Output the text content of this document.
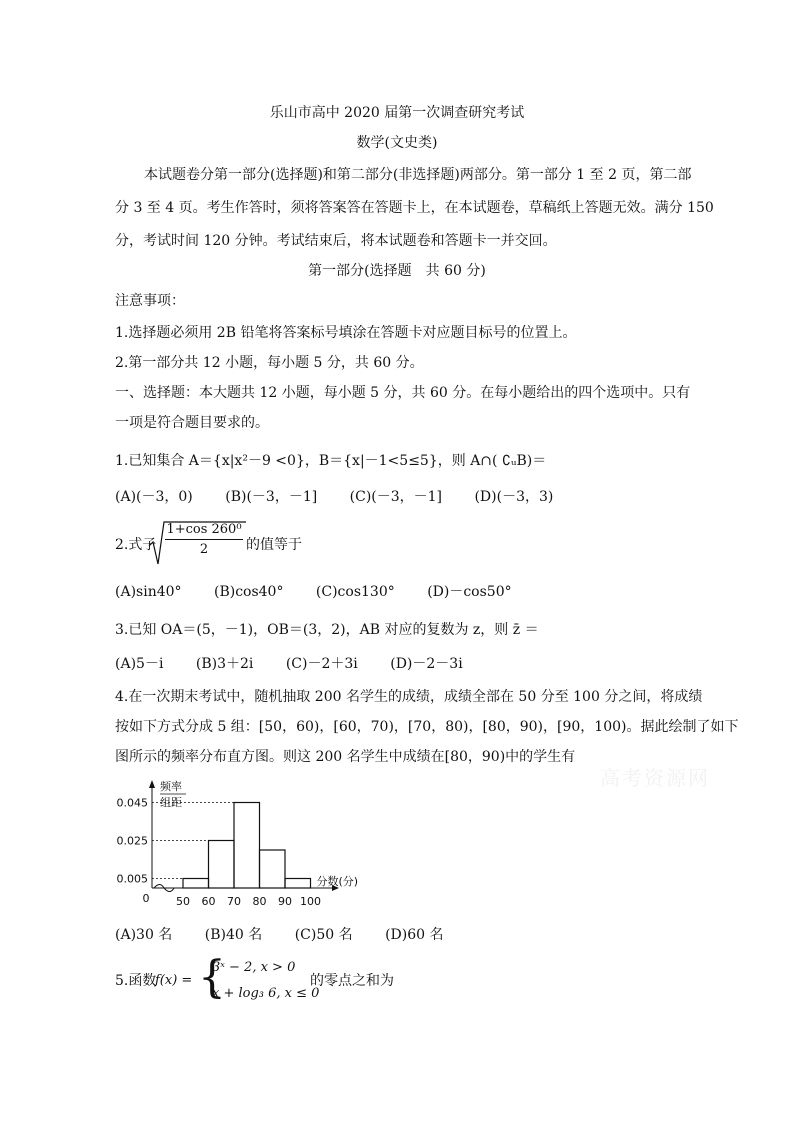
乐山市高中 2020 届第一次调查研究考试
数学(文史类)
本试题卷分第一部分(选择题)和第二部分(非选择题)两部分。第一部分 1 至 2 页，第二部
分 3 至 4 页。考生作答时，须将答案答在答题卡上，在本试题卷，草稿纸上答题无效。满分 150
分，考试时间 120 分钟。考试结束后，将本试题卷和答题卡一并交回。
第一部分(选择题　共 60 分)
注意事项：
1.选择题必须用 2B 铅笔将答案标号填涂在答题卡对应题目标号的位置上。
2.第一部分共 12 小题，每小题 5 分，共 60 分。
一、选择题：本大题共 12 小题，每小题 5 分，共 60 分。在每小题给出的四个选项中。只有
一项是符合题目要求的。
1.已知集合 A＝{x|x²－9 <0}，B＝{x|－1<5≤5}，则 A∩( ∁ᵤB)＝
(A)(－3，0) (B)(－3，－1] (C)(－3，－1] (D)(－3，3)
2.式子 $\frac{\text{1+cos 260⁰}}{2}$ 的值等于
(A)sin40° (B)cos40° (C)cos130° (D)－cos50°
3.已知 OA＝(5，－1)，OB＝(3，2)，AB 对应的复数为 z，则 z̄ ＝
(A)5－i (B)3＋2i (C)－2＋3i (D)－2－3i
4.在一次期末考试中，随机抽取 200 名学生的成绩，成绩全部在 50 分至 100 分之间，将成绩
按如下方式分成 5 组：[50，60)，[60，70)，[70，80)，[80，90)，[90，100)。据此绘制了如下
图所示的频率分布直方图。则这 200 名学生中成绩在[80，90)中的学生有
高考资源网
0.005
0.025
0.045
50 60 70 80 90 100
0
频率
组距
分数(分)
(A)30 名 (B)40 名 (C)50 名 (D)60 名
5.函数
f(x) = {
3ˣ − 2, x > 0
x + log₃ 6, x ≤ 0
的零点之和为
